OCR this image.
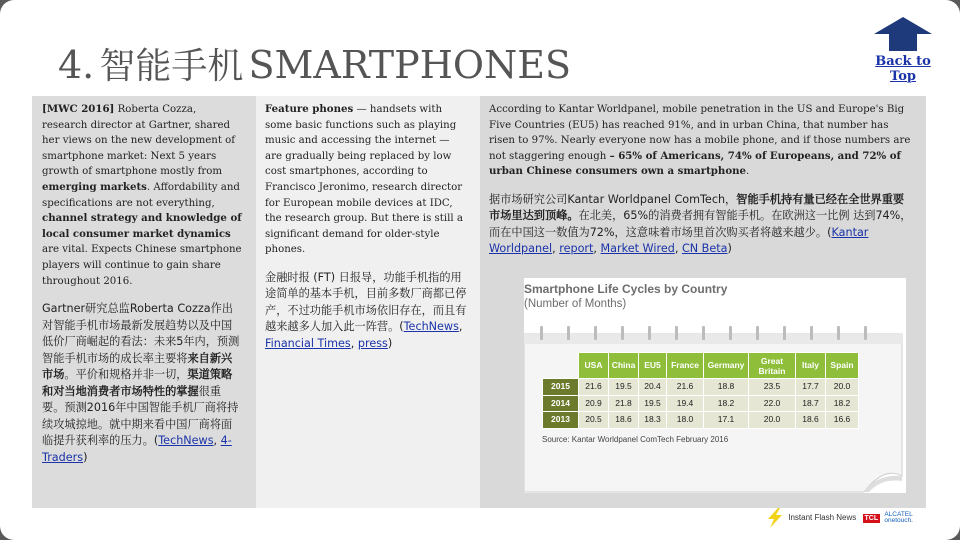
4. 智能手机 SMARTPHONES	Back to Top

[MWC 2016] Roberta Cozza, research director at Gartner, shared her views on the new development of smartphone market: Next 5 years growth of smartphone mostly from emerging markets. Affordability and specifications are not everything, channel strategy and knowledge of local consumer market dynamics are vital. Expects Chinese smartphone players will continue to gain share throughout 2016.

Gartner研究总监Roberta Cozza作出对智能手机市场最新发展趋势以及中国低价厂商崛起的看法：未来5年内，预测智能手机市场的成长率主要将来自新兴市场。平价和规格并非一切，渠道策略和对当地消费者市场特性的掌握很重要。预测2016年中国智能手机厂商将持续攻城掠地。就中期来看中国厂商将面临提升获利率的压力。(TechNews, 4-Traders)

Feature phones — handsets with some basic functions such as playing music and accessing the internet — are gradually being replaced by low cost smartphones, according to Francisco Jeronimo, research director for European mobile devices at IDC, the research group. But there is still a significant demand for older-style phones.

金融时报 (FT) 日报导，功能手机指的用途简单的基本手机，目前多数厂商都已停产，不过功能手机市场依旧存在，而且有越来越多人加入此一阵营。(TechNews, Financial Times, press)

According to Kantar Worldpanel, mobile penetration in the US and Europe's Big Five Countries (EU5) has reached 91%, and in urban China, that number has risen to 97%. Nearly everyone now has a mobile phone, and if those numbers are not staggering enough – 65% of Americans, 74% of Europeans, and 72% of urban Chinese consumers own a smartphone.

据市场研究公司Kantar Worldpanel ComTech，智能手机持有量已经在全世界重要市场里达到顶峰。在北美，65%的消费者拥有智能手机。在欧洲这一比例 达到74%，而在中国这一数值为72%，这意味着市场里首次购买者将越来越少。(Kantar Worldpanel, report, Market Wired, CN Beta)

Smartphone Life Cycles by Country
(Number of Months)
	USA	China	EU5	France	Germany	Great Britain	Italy	Spain
2015	21.6	19.5	20.4	21.6	18.8	23.5	17.7	20.0
2014	20.9	21.8	19.5	19.4	18.2	22.0	18.7	18.2
2013	20.5	18.6	18.3	18.0	17.1	20.0	18.6	16.6
Source: Kantar Worldpanel ComTech February 2016
Instant Flash News TCL ALCATEL
onetouch.
